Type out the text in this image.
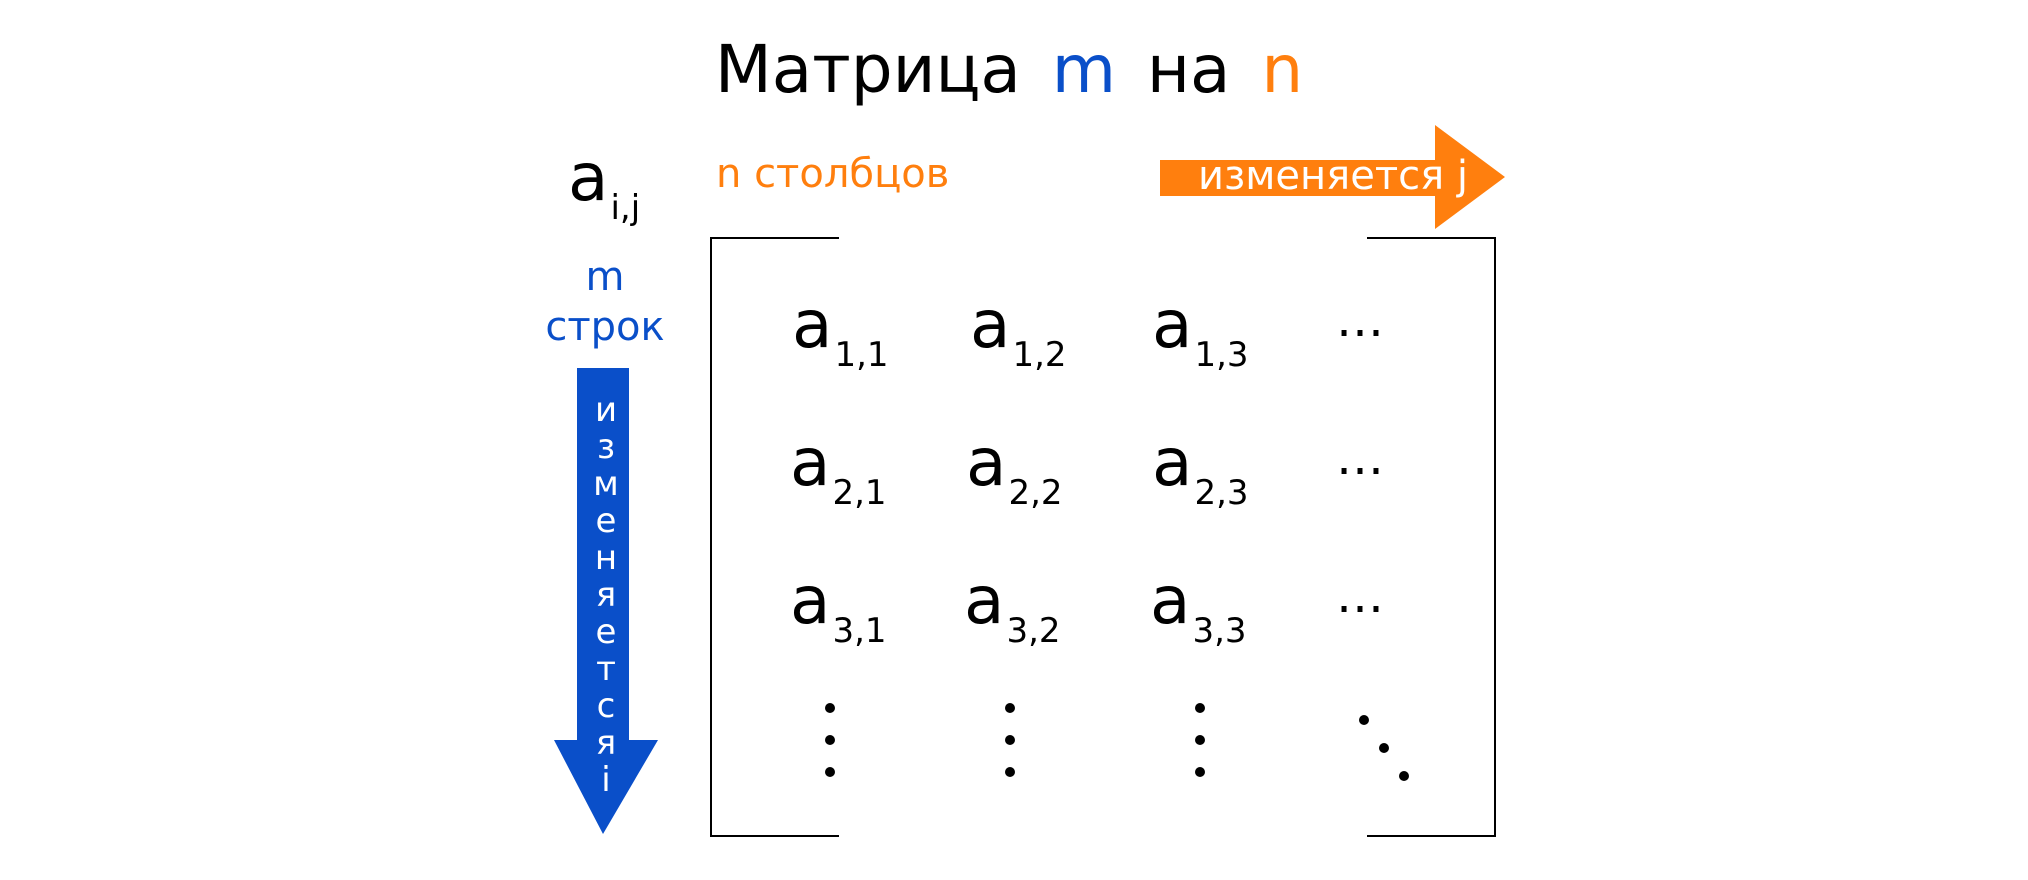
Матрица m на n
$a_{i,j}$
n столбцов
m
строк
изменяется j
и
з
м
е
н
я
е
т
с
я
i
$a_{1,1}$ $a_{1,2}$ $a_{1,3}$
…
$a_{2,1}$ $a_{2,2}$ $a_{2,3}$
…
$a_{3,1}$ $a_{3,2}$ $a_{3,3}$
…
